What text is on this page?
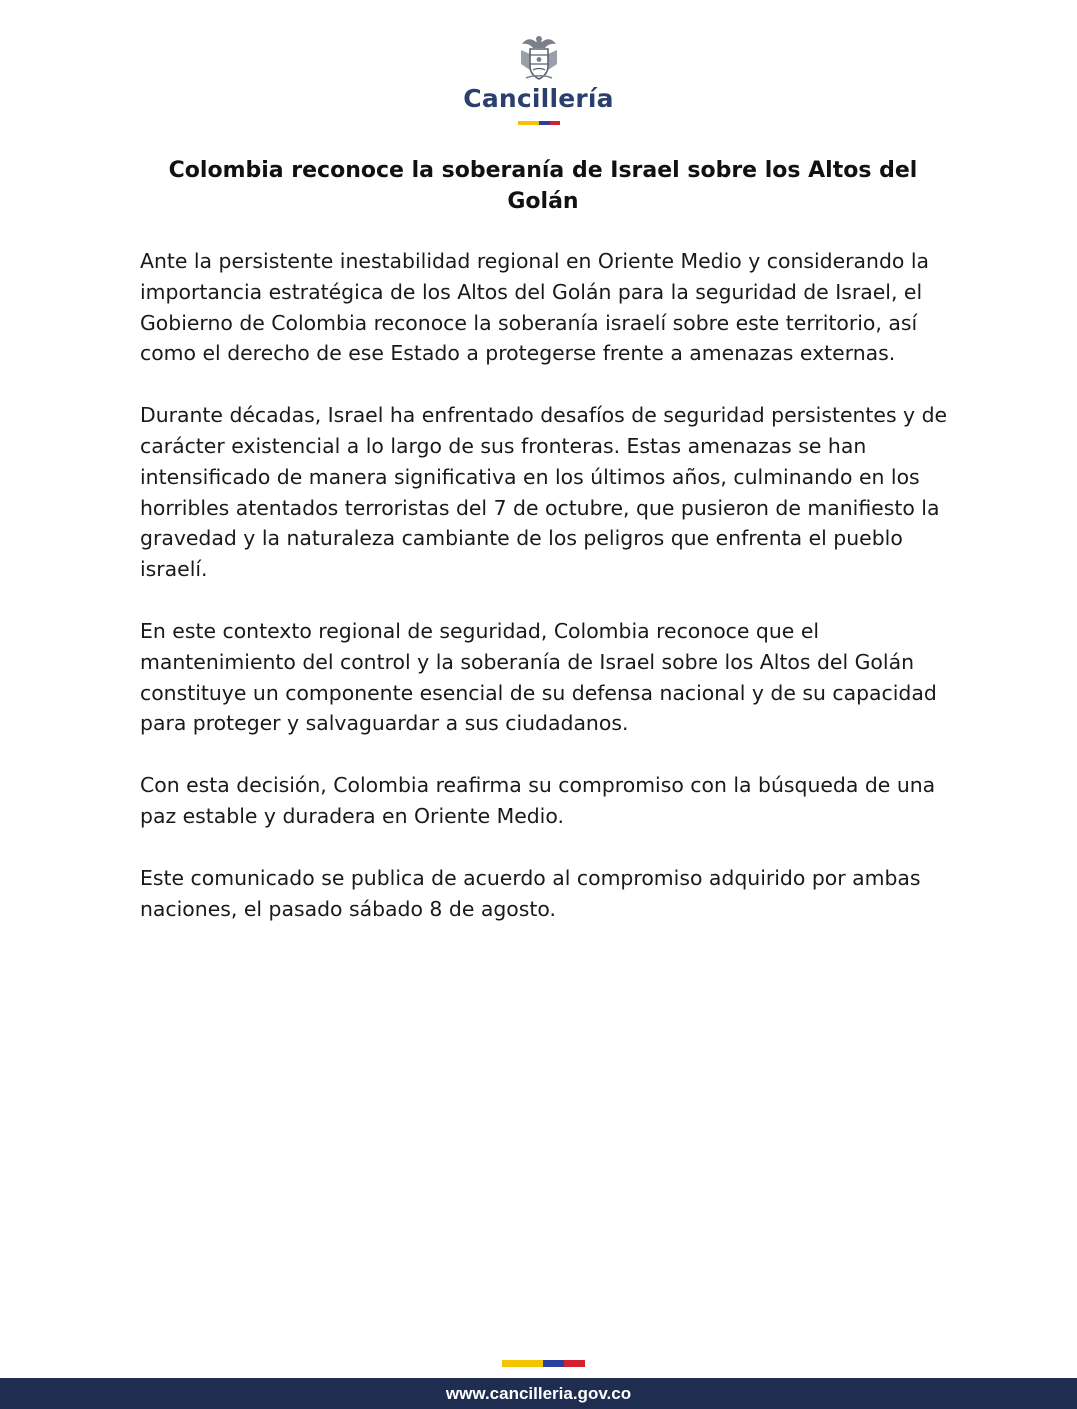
Cancillería
Colombia reconoce la soberanía de Israel sobre los Altos del Golán

Ante la persistente inestabilidad regional en Oriente Medio y considerando la importancia estratégica de los Altos del Golán para la seguridad de Israel, el Gobierno de Colombia reconoce la soberanía israelí sobre este territorio, así como el derecho de ese Estado a protegerse frente a amenazas externas.

Durante décadas, Israel ha enfrentado desafíos de seguridad persistentes y de carácter existencial a lo largo de sus fronteras. Estas amenazas se han intensificado de manera significativa en los últimos años, culminando en los horribles atentados terroristas del 7 de octubre, que pusieron de manifiesto la gravedad y la naturaleza cambiante de los peligros que enfrenta el pueblo israelí.

En este contexto regional de seguridad, Colombia reconoce que el mantenimiento del control y la soberanía de Israel sobre los Altos del Golán constituye un componente esencial de su defensa nacional y de su capacidad para proteger y salvaguardar a sus ciudadanos.

Con esta decisión, Colombia reafirma su compromiso con la búsqueda de una paz estable y duradera en Oriente Medio.

Este comunicado se publica de acuerdo al compromiso adquirido por ambas naciones, el pasado sábado 8 de agosto.

www.cancilleria.gov.co
